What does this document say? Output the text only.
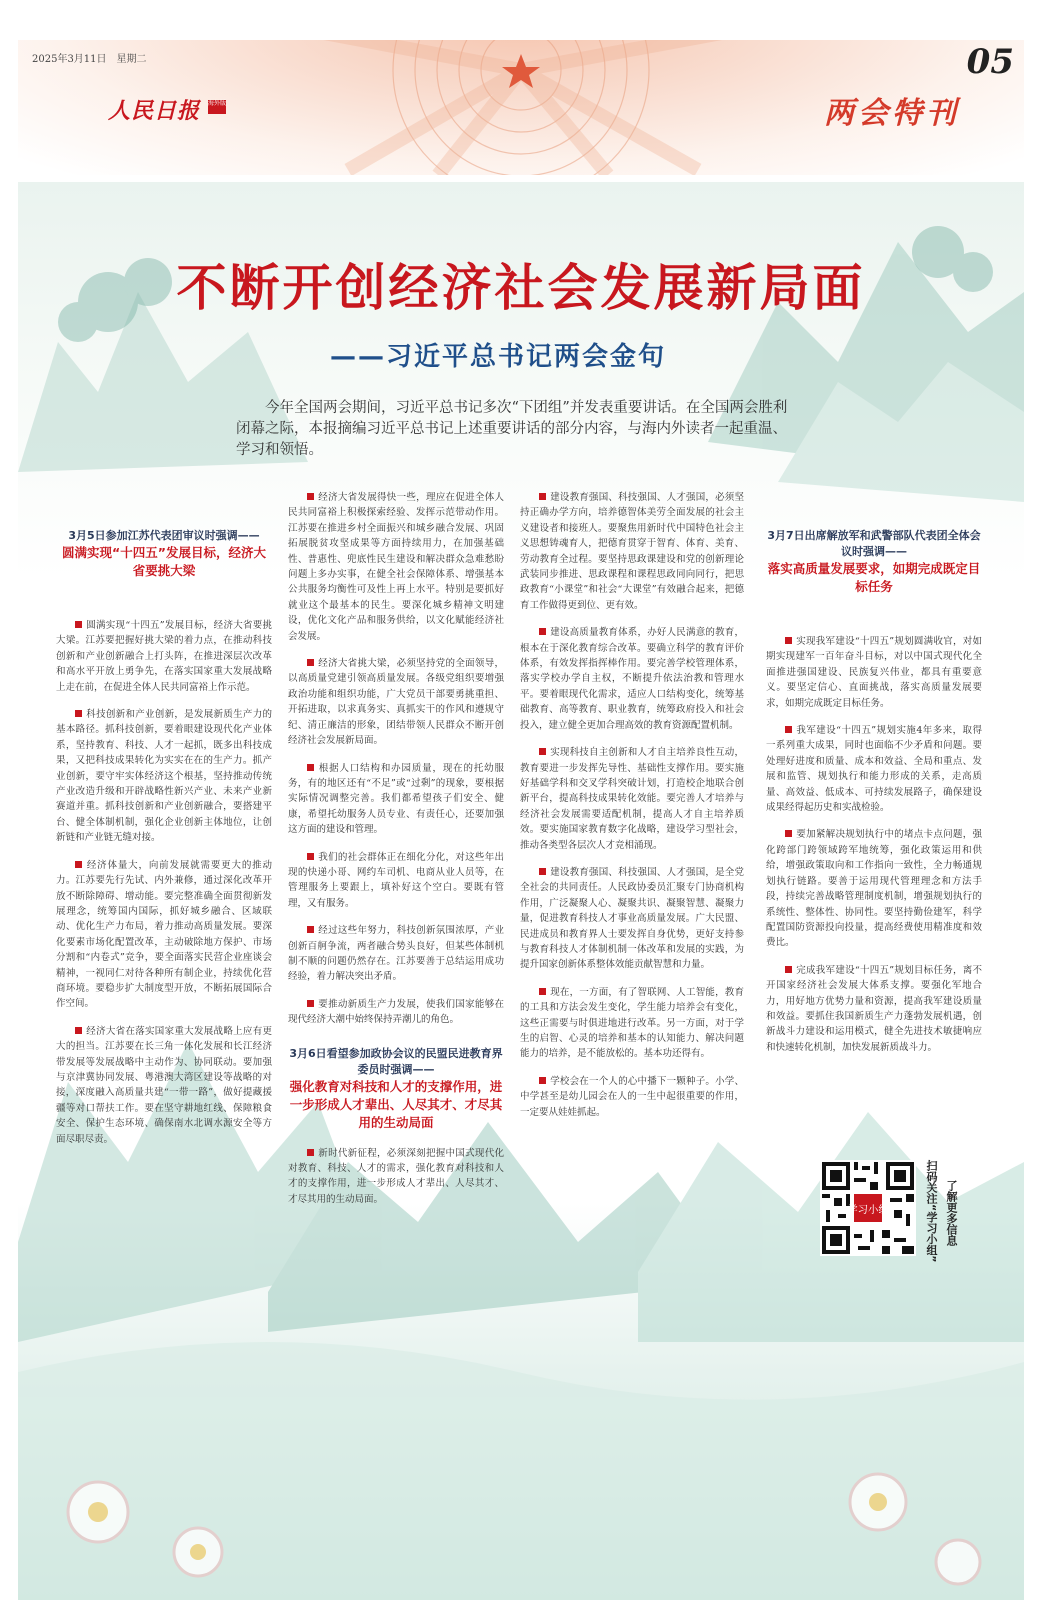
2025年3月11日　星期二	05
人民日报 海外版	两会特刊
不断开创经济社会发展新局面
——习近平总书记两会金句
今年全国两会期间，习近平总书记多次“下团组”并发表重要讲话。在全国两会胜利闭幕之际，本报摘编习近平总书记上述重要讲话的部分内容，与海内外读者一起重温、学习和领悟。
3月5日参加江苏代表团审议时强调——
圆满实现“十四五”发展目标，经济大省要挑大梁

圆满实现“十四五”发展目标，经济大省要挑大梁。江苏要把握好挑大梁的着力点，在推动科技创新和产业创新融合上打头阵，在推进深层次改革和高水平开放上勇争先，在落实国家重大发展战略上走在前，在促进全体人民共同富裕上作示范。

科技创新和产业创新，是发展新质生产力的基本路径。抓科技创新，要着眼建设现代化产业体系，坚持教育、科技、人才一起抓，既多出科技成果，又把科技成果转化为实实在在的生产力。抓产业创新，要守牢实体经济这个根基，坚持推动传统产业改造升级和开辟战略性新兴产业、未来产业新赛道并重。抓科技创新和产业创新融合，要搭建平台、健全体制机制，强化企业创新主体地位，让创新链和产业链无缝对接。

经济体量大，向前发展就需要更大的推动力。江苏要先行先试、内外兼修，通过深化改革开放不断除障碍、增动能。要完整准确全面贯彻新发展理念，统筹国内国际，抓好城乡融合、区域联动、优化生产力布局，着力推动高质量发展。要深化要素市场化配置改革，主动破除地方保护、市场分割和“内卷式”竞争，要全面落实民营企业座谈会精神，一视同仁对待各种所有制企业，持续优化营商环境。要稳步扩大制度型开放，不断拓展国际合作空间。

经济大省在落实国家重大发展战略上应有更大的担当。江苏要在长三角一体化发展和长江经济带发展等发展战略中主动作为、协同联动。要加强与京津冀协同发展、粤港澳大湾区建设等战略的对接，深度融入高质量共建“一带一路”，做好提藏援疆等对口帮扶工作。要在坚守耕地红线、保障粮食安全、保护生态环境、确保南水北调水源安全等方面尽职尽责。

经济大省发展得快一些，理应在促进全体人民共同富裕上积极探索经验、发挥示范带动作用。江苏要在推进乡村全面振兴和城乡融合发展、巩固拓展脱贫攻坚成果等方面持续用力，在加强基础性、普惠性、兜底性民生建设和解决群众急难愁盼问题上多办实事，在健全社会保障体系、增强基本公共服务均衡性可及性上再上水平。特别是要抓好就业这个最基本的民生。要深化城乡精神文明建设，优化文化产品和服务供给，以文化赋能经济社会发展。

经济大省挑大梁，必须坚持党的全面领导，以高质量党建引领高质量发展。各级党组织要增强政治功能和组织功能，广大党员干部要勇挑重担、开拓进取，以求真务实、真抓实干的作风和遵规守纪、清正廉洁的形象，团结带领人民群众不断开创经济社会发展新局面。

根据人口结构和办园质量，现在的托幼服务，有的地区还有“不足”或“过剩”的现象，要根据实际情况调整完善。我们都希望孩子们安全、健康，希望托幼服务人员专业、有责任心，还要加强这方面的建设和管理。

我们的社会群体正在细化分化，对这些年出现的快递小哥、网约车司机、电商从业人员等，在管理服务上要跟上，填补好这个空白。要既有管理，又有服务。

经过这些年努力，科技创新氛围浓厚，产业创新百舸争流，两者融合势头良好，但某些体制机制不顺的问题仍然存在。江苏要善于总结运用成功经验，着力解决突出矛盾。

要推动新质生产力发展，使我们国家能够在现代经济大潮中始终保持弄潮儿的角色。

3月6日看望参加政协会议的民盟民进教育界委员时强调——
强化教育对科技和人才的支撑作用，进一步形成人才辈出、人尽其才、才尽其用的生动局面

新时代新征程，必须深刻把握中国式现代化对教育、科技、人才的需求，强化教育对科技和人才的支撑作用，进一步形成人才辈出、人尽其才、才尽其用的生动局面。

建设教育强国、科技强国、人才强国，必须坚持正确办学方向，培养德智体美劳全面发展的社会主义建设者和接班人。要聚焦用新时代中国特色社会主义思想铸魂育人，把德育贯穿于智育、体育、美育、劳动教育全过程。要坚持思政课建设和党的创新理论武装同步推进、思政课程和课程思政同向同行，把思政教育“小课堂”和社会“大课堂”有效融合起来，把德育工作做得更到位、更有效。

建设高质量教育体系，办好人民满意的教育，根本在于深化教育综合改革。要确立科学的教育评价体系，有效发挥指挥棒作用。要完善学校管理体系，落实学校办学自主权，不断提升依法治教和管理水平。要着眼现代化需求，适应人口结构变化，统筹基础教育、高等教育、职业教育，统筹政府投入和社会投入，建立健全更加合理高效的教育资源配置机制。

实现科技自主创新和人才自主培养良性互动，教育要进一步发挥先导性、基础性支撑作用。要实施好基础学科和交叉学科突破计划，打造校企地联合创新平台，提高科技成果转化效能。要完善人才培养与经济社会发展需要适配机制，提高人才自主培养质效。要实施国家教育数字化战略，建设学习型社会，推动各类型各层次人才竞相涌现。

建设教育强国、科技强国、人才强国，是全党全社会的共同责任。人民政协委员汇聚专门协商机构作用，广泛凝聚人心、凝聚共识、凝聚智慧、凝聚力量，促进教育科技人才事业高质量发展。广大民盟、民进成员和教育界人士要发挥自身优势，更好支持参与教育科技人才体制机制一体改革和发展的实践，为提升国家创新体系整体效能贡献智慧和力量。

现在，一方面，有了智联网、人工智能，教育的工具和方法会发生变化，学生能力培养会有变化，这些正需要与时俱进地进行改革。另一方面，对于学生的启智、心灵的培养和基本的认知能力、解决问题能力的培养，是不能放松的。基本功还得有。

学校会在一个人的心中播下一颗种子。小学、中学甚至是幼儿园会在人的一生中起很重要的作用，一定要从娃娃抓起。

3月7日出席解放军和武警部队代表团全体会议时强调——
落实高质量发展要求，如期完成既定目标任务

实现我军建设“十四五”规划圆满收官，对如期实现建军一百年奋斗目标，对以中国式现代化全面推进强国建设、民族复兴伟业，都具有重要意义。要坚定信心、直面挑战，落实高质量发展要求，如期完成既定目标任务。

我军建设“十四五”规划实施4年多来，取得一系列重大成果，同时也面临不少矛盾和问题。要处理好进度和质量、成本和效益、全局和重点、发展和监管、规划执行和能力形成的关系，走高质量、高效益、低成本、可持续发展路子，确保建设成果经得起历史和实战检验。

要加紧解决规划执行中的堵点卡点问题，强化跨部门跨领域跨军地统筹，强化政策运用和供给，增强政策取向和工作指向一致性，全力畅通规划执行链路。要善于运用现代管理理念和方法手段，持续完善战略管理制度机制，增强规划执行的系统性、整体性、协同性。要坚持勤俭建军，科学配置国防资源投向投量，提高经费使用精准度和效费比。

完成我军建设“十四五”规划目标任务，离不开国家经济社会发展大体系支撑。要强化军地合力，用好地方优势力量和资源，提高我军建设质量和效益。要抓住我国新质生产力蓬勃发展机遇，创新战斗力建设和运用模式，健全先进技术敏捷响应和快速转化机制，加快发展新质战斗力。

学习小组	扫码关注“学习小组” 了解更多信息
